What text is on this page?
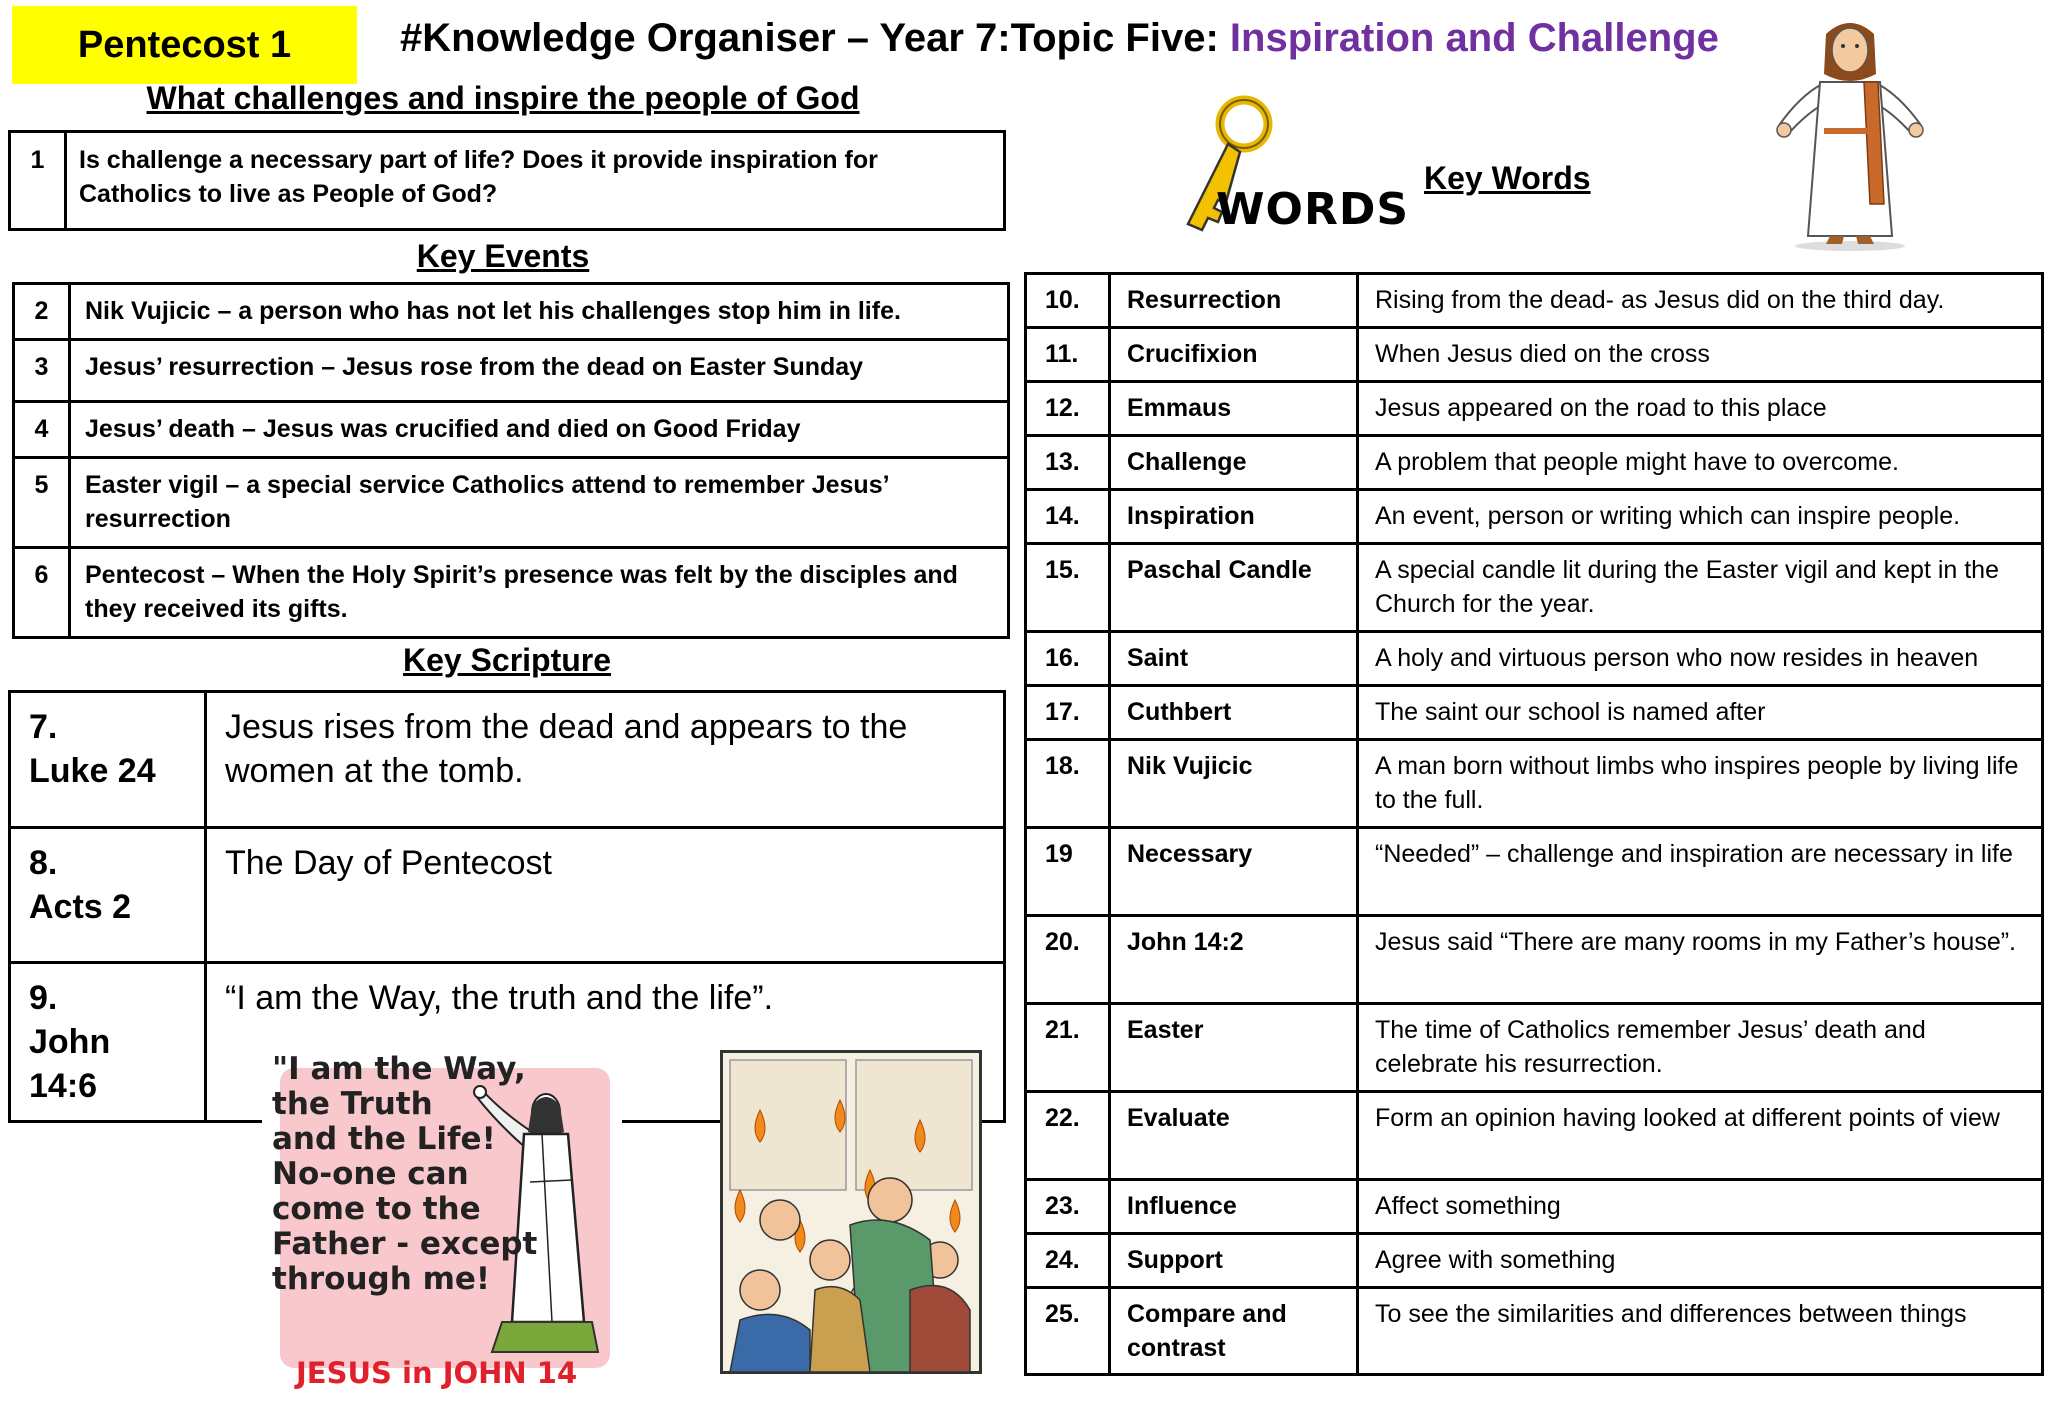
Pentecost 1	#Knowledge Organiser – Year 7:Topic Five: Inspiration and Challenge
WORDS
What challenges and inspire the people of God
Key Events
Key Scripture
Key Words
1	Is challenge a necessary part of life? Does it provide inspiration for Catholics to live as People of God?
2	Nik Vujicic – a person who has not let his challenges stop him in life.
3	Jesus’ resurrection – Jesus rose from the dead on Easter Sunday
4	Jesus’ death – Jesus was crucified and died on Good Friday
5	Easter vigil – a special service Catholics attend to remember Jesus’ resurrection
6	Pentecost – When the Holy Spirit’s presence was felt by the disciples and they received its gifts.
7.
Luke 24	Jesus rises from the dead and appears to the women at the tomb.

8.
Acts 2	The Day of Pentecost

9.
John 14:6	“I am the Way, the truth and the life”.
"I am the Way,
the Truth
and the Life!
No-one can
come to the
Father - except
through me!
JESUS in JOHN 14
10.	Resurrection	Rising from the dead- as Jesus did on the third day.
11.	Crucifixion	When Jesus died on the cross
12.	Emmaus	Jesus appeared on the road to this place
13.	Challenge	A problem that people might have to overcome.
14.	Inspiration	An event, person or writing which can inspire people.
15.	Paschal Candle	A special candle lit during the Easter vigil and kept in the Church for the year.
16.	Saint	A holy and virtuous person who now resides in heaven
17.	Cuthbert	The saint our school is named after
18.	Nik Vujicic	A man born without limbs who inspires people by living life to the full.
19	Necessary	“Needed” – challenge and inspiration are necessary in life
20.	John 14:2	Jesus said “There are many rooms in my Father’s house”.
21.	Easter	The time of Catholics remember Jesus’ death and celebrate his resurrection.
22.	Evaluate	Form an opinion having looked at different points of view
23.	Influence	Affect something
24.	Support	Agree with something
25.	Compare and contrast	To see the similarities and differences between things
